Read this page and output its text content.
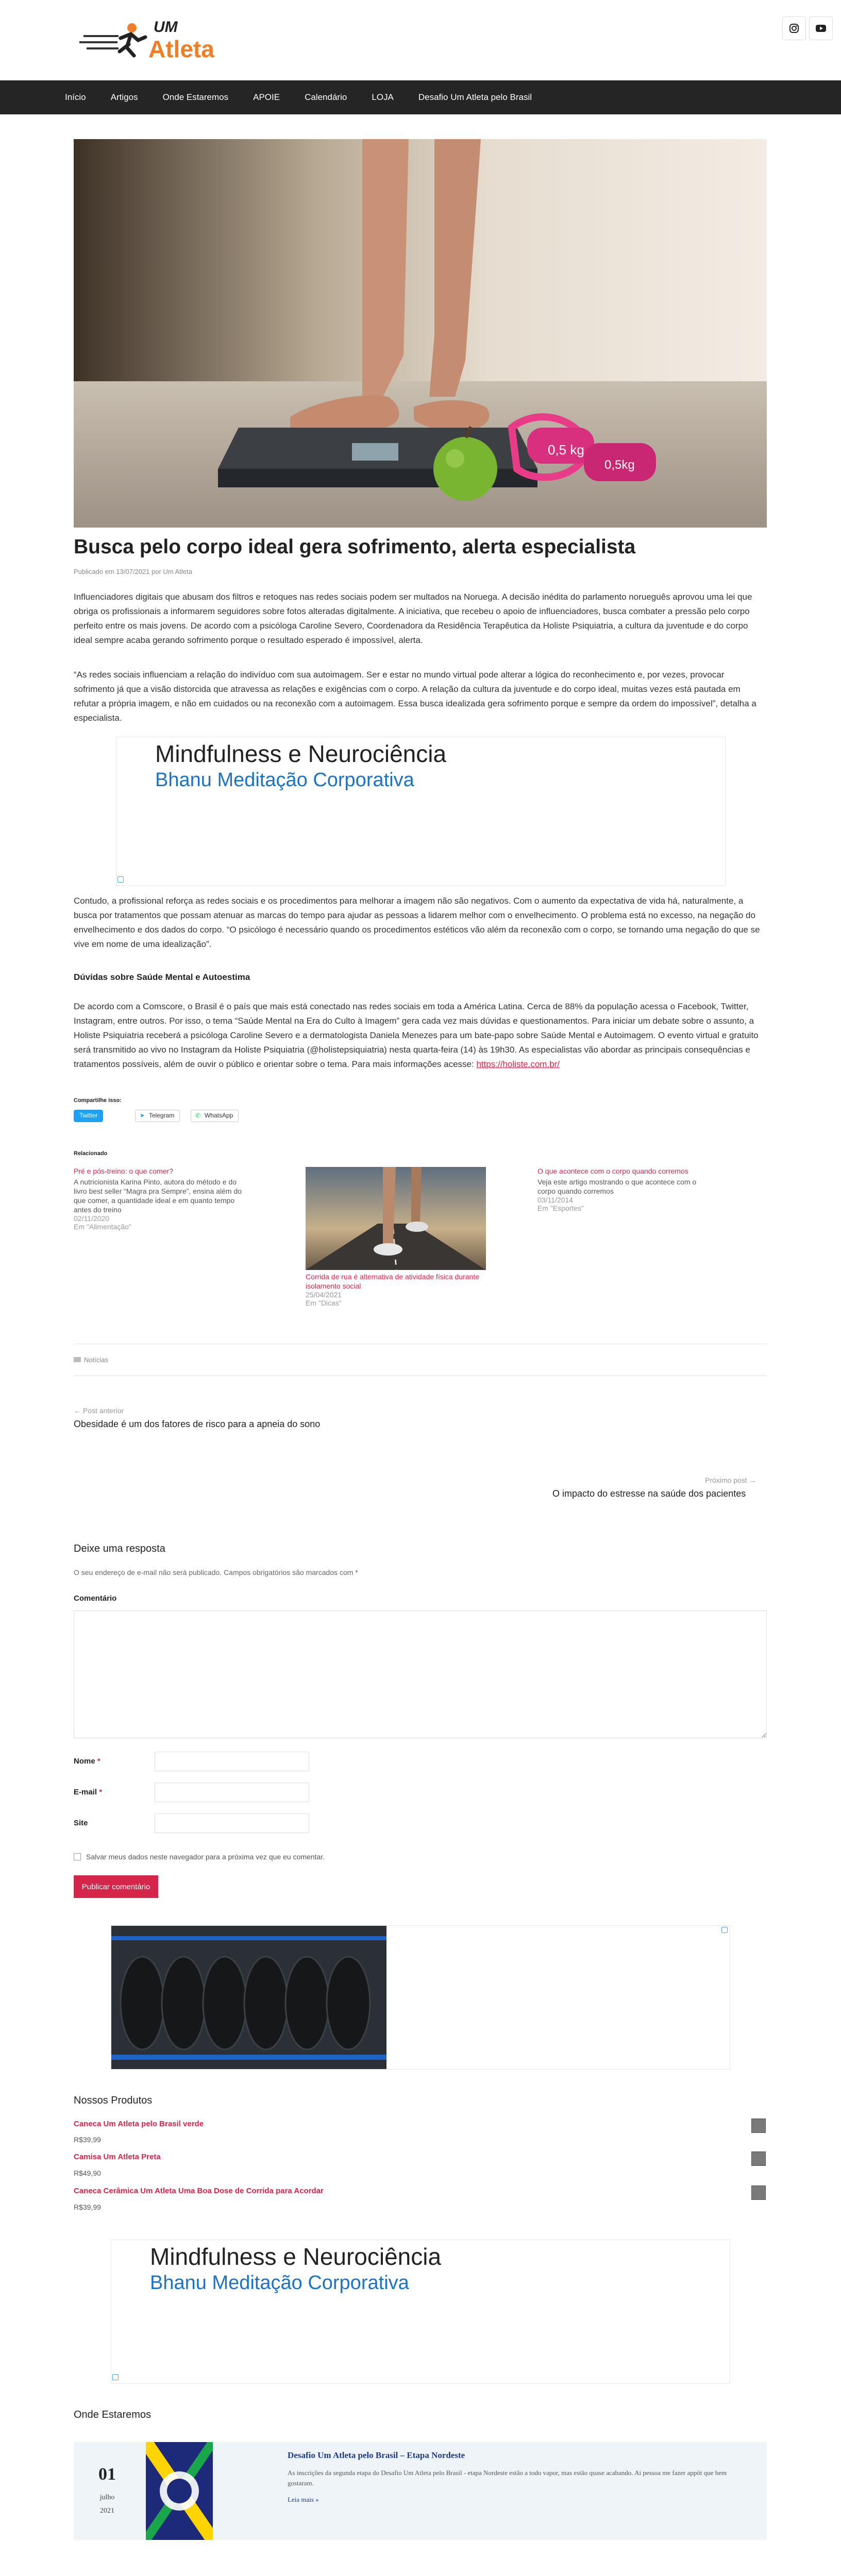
UM
Atleta
Início	Artigos	Onde Estaremos	APOIE	Calendário	LOJA	Desafio Um Atleta pelo Brasil
0,5 kg
0,5kg
Busca pelo corpo ideal gera sofrimento, alerta especialista
Publicado em 13/07/2021 por Um Atleta

Influenciadores digitais que abusam dos filtros e retoques nas redes sociais podem ser multados na Noruega. A decisão inédita do parlamento norueguês aprovou uma lei que obriga os profissionais a informarem seguidores sobre fotos alteradas digitalmente. A iniciativa, que recebeu o apoio de influenciadores, busca combater a pressão pelo corpo perfeito entre os mais jovens. De acordo com a psicóloga Caroline Severo, Coordenadora da Residência Terapêutica da Holiste Psiquiatria, a cultura da juventude e do corpo ideal sempre acaba gerando sofrimento porque o resultado esperado é impossível, alerta.

“As redes sociais influenciam a relação do indivíduo com sua autoimagem. Ser e estar no mundo virtual pode alterar a lógica do reconhecimento e, por vezes, provocar sofrimento já que a visão distorcida que atravessa as relações e exigências com o corpo. A relação da cultura da juventude e do corpo ideal, muitas vezes está pautada em refutar a própria imagem, e não em cuidados ou na reconexão com a autoimagem. Essa busca idealizada gera sofrimento porque e sempre da ordem do impossível”, detalha a especialista.

Mindfulness e Neurociência
Bhanu Meditação Corporativa

Contudo, a profissional reforça as redes sociais e os procedimentos para melhorar a imagem não são negativos. Com o aumento da expectativa de vida há, naturalmente, a busca por tratamentos que possam atenuar as marcas do tempo para ajudar as pessoas a lidarem melhor com o envelhecimento. O problema está no excesso, na negação do envelhecimento e dos dados do corpo. “O psicólogo é necessário quando os procedimentos estéticos vão além da reconexão com o corpo, se tornando uma negação do que se vive em nome de uma idealização”.

Dúvidas sobre Saúde Mental e Autoestima

De acordo com a Comscore, o Brasil é o país que mais está conectado nas redes sociais em toda a América Latina. Cerca de 88% da população acessa o Facebook, Twitter, Instagram, entre outros. Por isso, o tema “Saúde Mental na Era do Culto à Imagem” gera cada vez mais dúvidas e questionamentos. Para iniciar um debate sobre o assunto, a Holiste Psiquiatria receberá a psicóloga Caroline Severo e a dermatologista Daniela Menezes para um bate-papo sobre Saúde Mental e Autoimagem. O evento virtual e gratuito será transmitido ao vivo no Instagram da Holiste Psiquiatria (@holistepsiquiatria) nesta quarta-feira (14) às 19h30. As especialistas vão abordar as principais consequências e tratamentos possíveis, além de ouvir o público e orientar sobre o tema. Para mais informações acesse: https://holiste.com.br/

Compartilhe isso:
Twitter	➤ Telegram	✆ WhatsApp
Relacionado
Pré e pós-treino: o que comer?

A nutricionista Karina Pinto, autora do método e do livro best seller “Magra pra Sempre”, ensina além do que comer, a quantidade ideal e em quanto tempo antes do treino

02/11/2020

Em "Alimentação"

Corrida de rua é alternativa de atividade física durante isolamento social

25/04/2021

Em "Dicas"

O que acontece com o corpo quando corremos

Veja este artigo mostrando o que acontece com o corpo quando corremos

03/11/2014

Em "Esportes"

Notícias
← Post anterior
Obesidade é um dos fatores de risco para a apneia do sono
Próximo post →
O impacto do estresse na saúde dos pacientes
Deixe uma resposta

O seu endereço de e-mail não será publicado. Campos obrigatórios são marcados com *

Comentário
Nome *
E-mail *
Site
Salvar meus dados neste navegador para a próxima vez que eu comentar.
Publicar comentário
Nossos Produtos
Caneca Um Atleta pelo Brasil verde
R$39,99
Camisa Um Atleta Preta
R$49,90
Caneca Cerâmica Um Atleta Uma Boa Dose de Corrida para Acordar
R$39,99
Mindfulness e Neurociência
Bhanu Meditação Corporativa
Onde Estaremos
01
julho
2021
Desafio Um Atleta pelo Brasil – Etapa Nordeste

As inscrições da segunda etapa do Desafio Um Atleta pelo Brasil - etapa Nordeste estão a todo vapor, mas estão quase acabando. Ai pessoa me fazer appôt que bem gostaram.

Leia mais »
